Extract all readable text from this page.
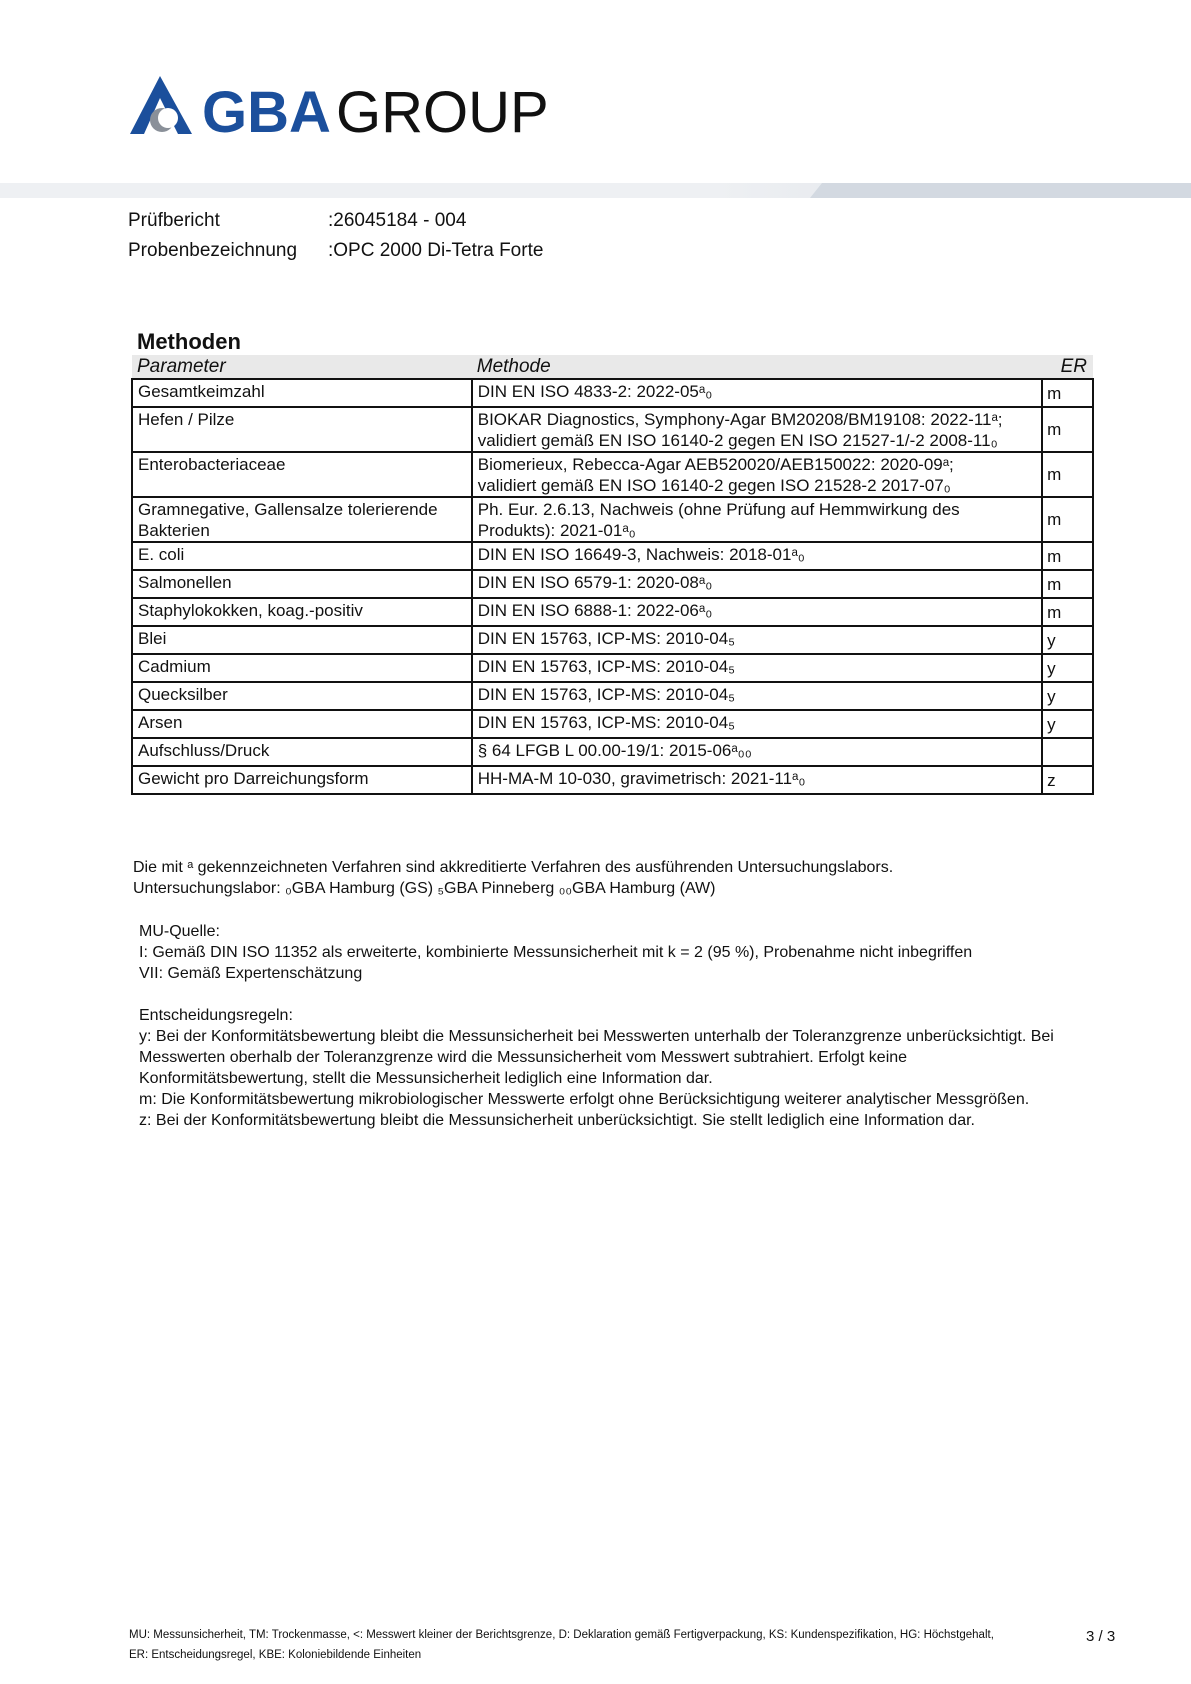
GBA GROUP
Prüfbericht	:26045184 - 004
Probenbezeichnung :OPC 2000 Di-Tetra Forte
Methoden
Parameter	Methode	ER
Gesamtkeimzahl	DIN EN ISO 4833-2: 2022-05ᵃ₀	m
Hefen / Pilze	BIOKAR Diagnostics, Symphony-Agar BM20208/BM19108: 2022-11ᵃ;
validiert gemäß EN ISO 16140-2 gegen EN ISO 21527-1/-2 2008-11₀	m
Enterobacteriaceae	Biomerieux, Rebecca-Agar AEB520020/AEB150022: 2020-09ᵃ;
validiert gemäß EN ISO 16140-2 gegen ISO 21528-2 2017-07₀	m
Gramnegative, Gallensalze tolerierende
Bakterien	Ph. Eur. 2.6.13, Nachweis (ohne Prüfung auf Hemmwirkung des
Produkts): 2021-01ᵃ₀	m
E. coli	DIN EN ISO 16649-3, Nachweis: 2018-01ᵃ₀	m
Salmonellen	DIN EN ISO 6579-1: 2020-08ᵃ₀	m
Staphylokokken, koag.-positiv	DIN EN ISO 6888-1: 2022-06ᵃ₀	m
Blei	DIN EN 15763, ICP-MS: 2010-04₅	y
Cadmium	DIN EN 15763, ICP-MS: 2010-04₅	y
Quecksilber	DIN EN 15763, ICP-MS: 2010-04₅	y
Arsen	DIN EN 15763, ICP-MS: 2010-04₅	y
Aufschluss/Druck	§ 64 LFGB L 00.00-19/1: 2015-06ᵃ₀₀	
Gewicht pro Darreichungsform	HH-MA-M 10-030, gravimetrisch: 2021-11ᵃ₀	z

Die mit ᵃ gekennzeichneten Verfahren sind akkreditierte Verfahren des ausführenden Untersuchungslabors.

Untersuchungslabor: ₀GBA Hamburg (GS) ₅GBA Pinneberg ₀₀GBA Hamburg (AW)

MU-Quelle:

I: Gemäß DIN ISO 11352 als erweiterte, kombinierte Messunsicherheit mit k = 2 (95 %), Probenahme nicht inbegriffen

VII: Gemäß Expertenschätzung

Entscheidungsregeln:

y: Bei der Konformitätsbewertung bleibt die Messunsicherheit bei Messwerten unterhalb der Toleranzgrenze unberücksichtigt. Bei Messwerten oberhalb der Toleranzgrenze wird die Messunsicherheit vom Messwert subtrahiert. Erfolgt keine Konformitätsbewertung, stellt die Messunsicherheit lediglich eine Information dar.

m: Die Konformitätsbewertung mikrobiologischer Messwerte erfolgt ohne Berücksichtigung weiterer analytischer Messgrößen.

z: Bei der Konformitätsbewertung bleibt die Messunsicherheit unberücksichtigt. Sie stellt lediglich eine Information dar.

MU: Messunsicherheit, TM: Trockenmasse, <: Messwert kleiner der Berichtsgrenze, D: Deklaration gemäß Fertigverpackung, KS: Kundenspezifikation, HG: Höchstgehalt,
ER: Entscheidungsregel, KBE: Koloniebildende Einheiten
3 / 3
